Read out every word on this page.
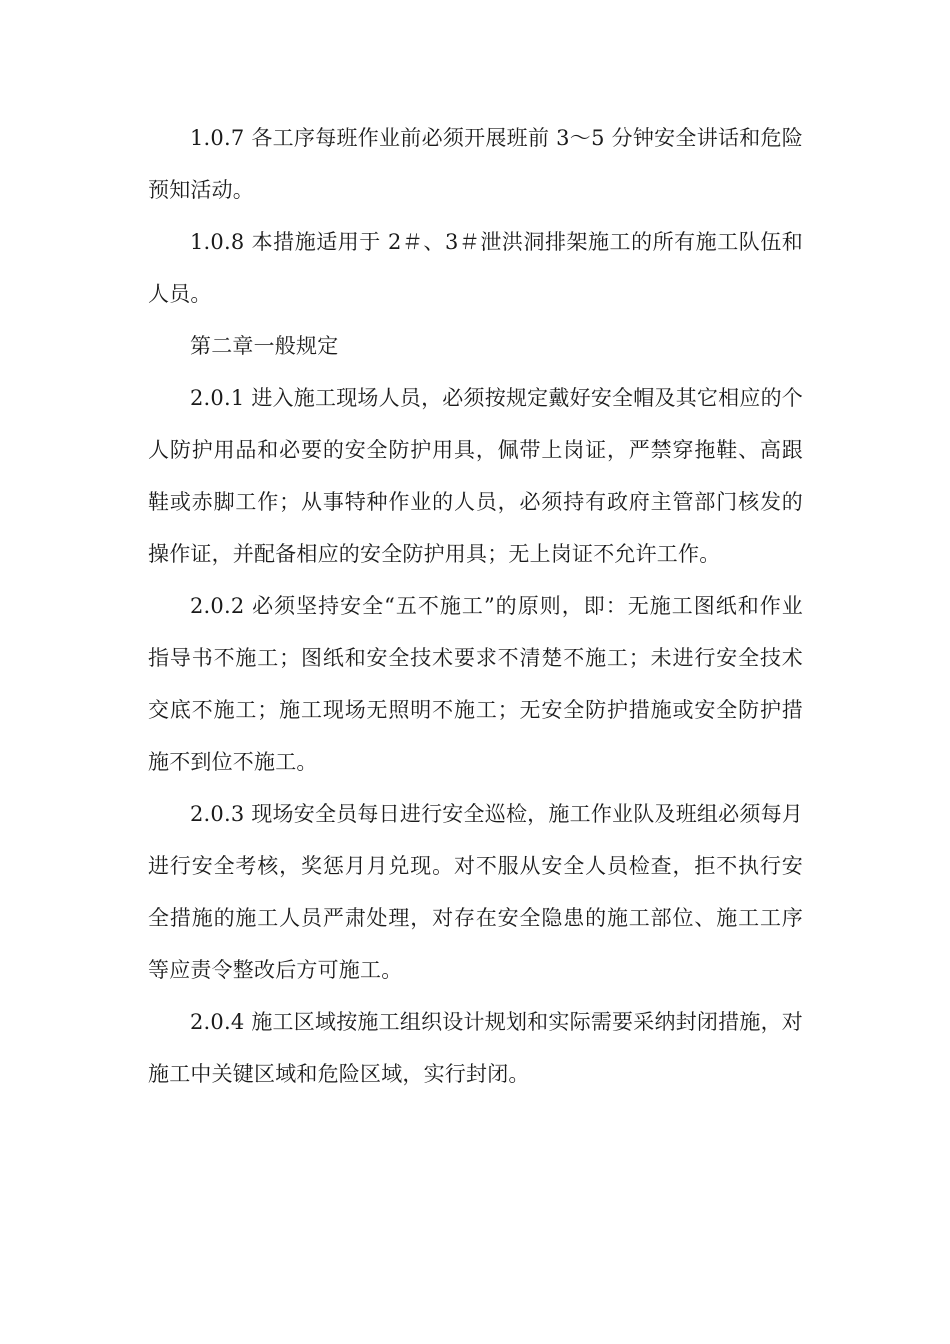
1.0.7 各工序每班作业前必须开展班前 3～5 分钟安全讲话和危险预知活动。

1.0.8 本措施适用于 2＃、3＃泄洪洞排架施工的所有施工队伍和人员。

第二章一般规定

2.0.1 进入施工现场人员，必须按规定戴好安全帽及其它相应的个人防护用品和必要的安全防护用具，佩带上岗证，严禁穿拖鞋、高跟鞋或赤脚工作；从事特种作业的人员，必须持有政府主管部门核发的操作证，并配备相应的安全防护用具；无上岗证不允许工作。

2.0.2 必须坚持安全“五不施工”的原则，即：无施工图纸和作业指导书不施工；图纸和安全技术要求不清楚不施工；未进行安全技术交底不施工；施工现场无照明不施工；无安全防护措施或安全防护措施不到位不施工。

2.0.3 现场安全员每日进行安全巡检，施工作业队及班组必须每月进行安全考核，奖惩月月兑现。对不服从安全人员检查，拒不执行安全措施的施工人员严肃处理，对存在安全隐患的施工部位、施工工序等应责令整改后方可施工。

2.0.4 施工区域按施工组织设计规划和实际需要采纳封闭措施，对施工中关键区域和危险区域，实行封闭。
